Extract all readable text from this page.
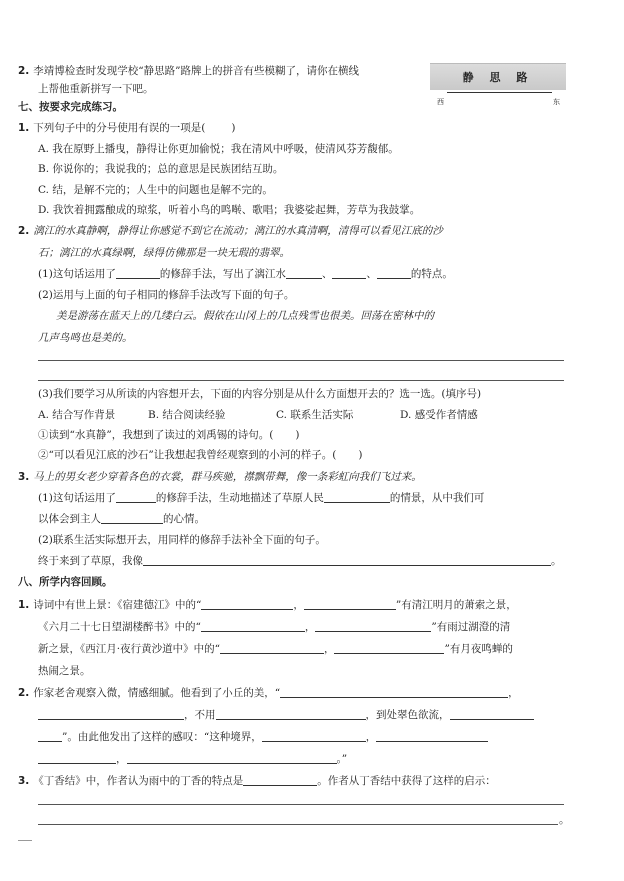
2. 李靖博检查时发现学校“静思路”路牌上的拼音有些模糊了，请你在横线
上帮他重新拼写一下吧。
静 思 路
西	东
七、按要求完成练习。
1. 下列句子中的分号使用有误的一项是( )
A. 我在原野上播曳，静得让你更加偷悦；我在清风中呼吸，使清风芬芳馥郁。
B. 你说你的；我说我的；总的意思是民族团结互助。
C. 结，是解不完的；人生中的问题也是解不完的。
D. 我饮着拥露酿成的琼浆，听着小鸟的鸣啭、歌唱；我婆娑起舞，芳草为我鼓掌。
2. 漓江的水真静啊，静得让你感觉不到它在流动；漓江的水真清啊，清得可以看见江底的沙
石；漓江的水真绿啊，绿得仿佛那是一块无瑕的翡翠。
(1)这句话运用了	的修辞手法，写出了漓江水	、	、	的特点。
(2)运用与上面的句子相同的修辞手法改写下面的句子。
美是游荡在蓝天上的几缕白云。假依在山冈上的几点残雪也很美。回荡在密林中的
几声鸟鸣也是美的。
(3)我们要学习从所读的内容想开去，下面的内容分别是从什么方面想开去的？选一选。(填序号)
A. 结合写作背景	B. 结合阅读经验	C. 联系生活实际	D. 感受作者情感
①读到“水真静”，我想到了读过的刘禹锡的诗句。( )
②“可以看见江底的沙石”让我想起我曾经观察到的小河的样子。( )
3. 马上的男女老少穿着各色的衣裳，群马疾驰，襟飘带舞，像一条彩虹向我们飞过来。
(1)这句话运用了	的修辞手法，生动地描述了草原人民	的情景，从中我们可
以体会到主人	的心情。
(2)联系生活实际想开去，用同样的修辞手法补全下面的句子。
终于来到了草原，我像	。
八、所学内容回顾。
1. 诗词中有世上景：《宿建德江》中的“	，	”有清江明月的萧索之景，
《六月二十七日望湖楼醉书》中的“	，	”有雨过湖澄的清
新之景，《西江月·夜行黄沙道中》中的“	，	”有月夜鸣蝉的
热闹之景。
2. 作家老舍观察入微，情感细腻。他看到了小丘的美，“	，
，不用	，到处翠色欲流，
”。由此他发出了这样的感叹：“这种境界，	，
，	。”
3. 《丁香结》中，作者认为雨中的丁香的特点是	。作者从丁香结中获得了这样的启示：
。
